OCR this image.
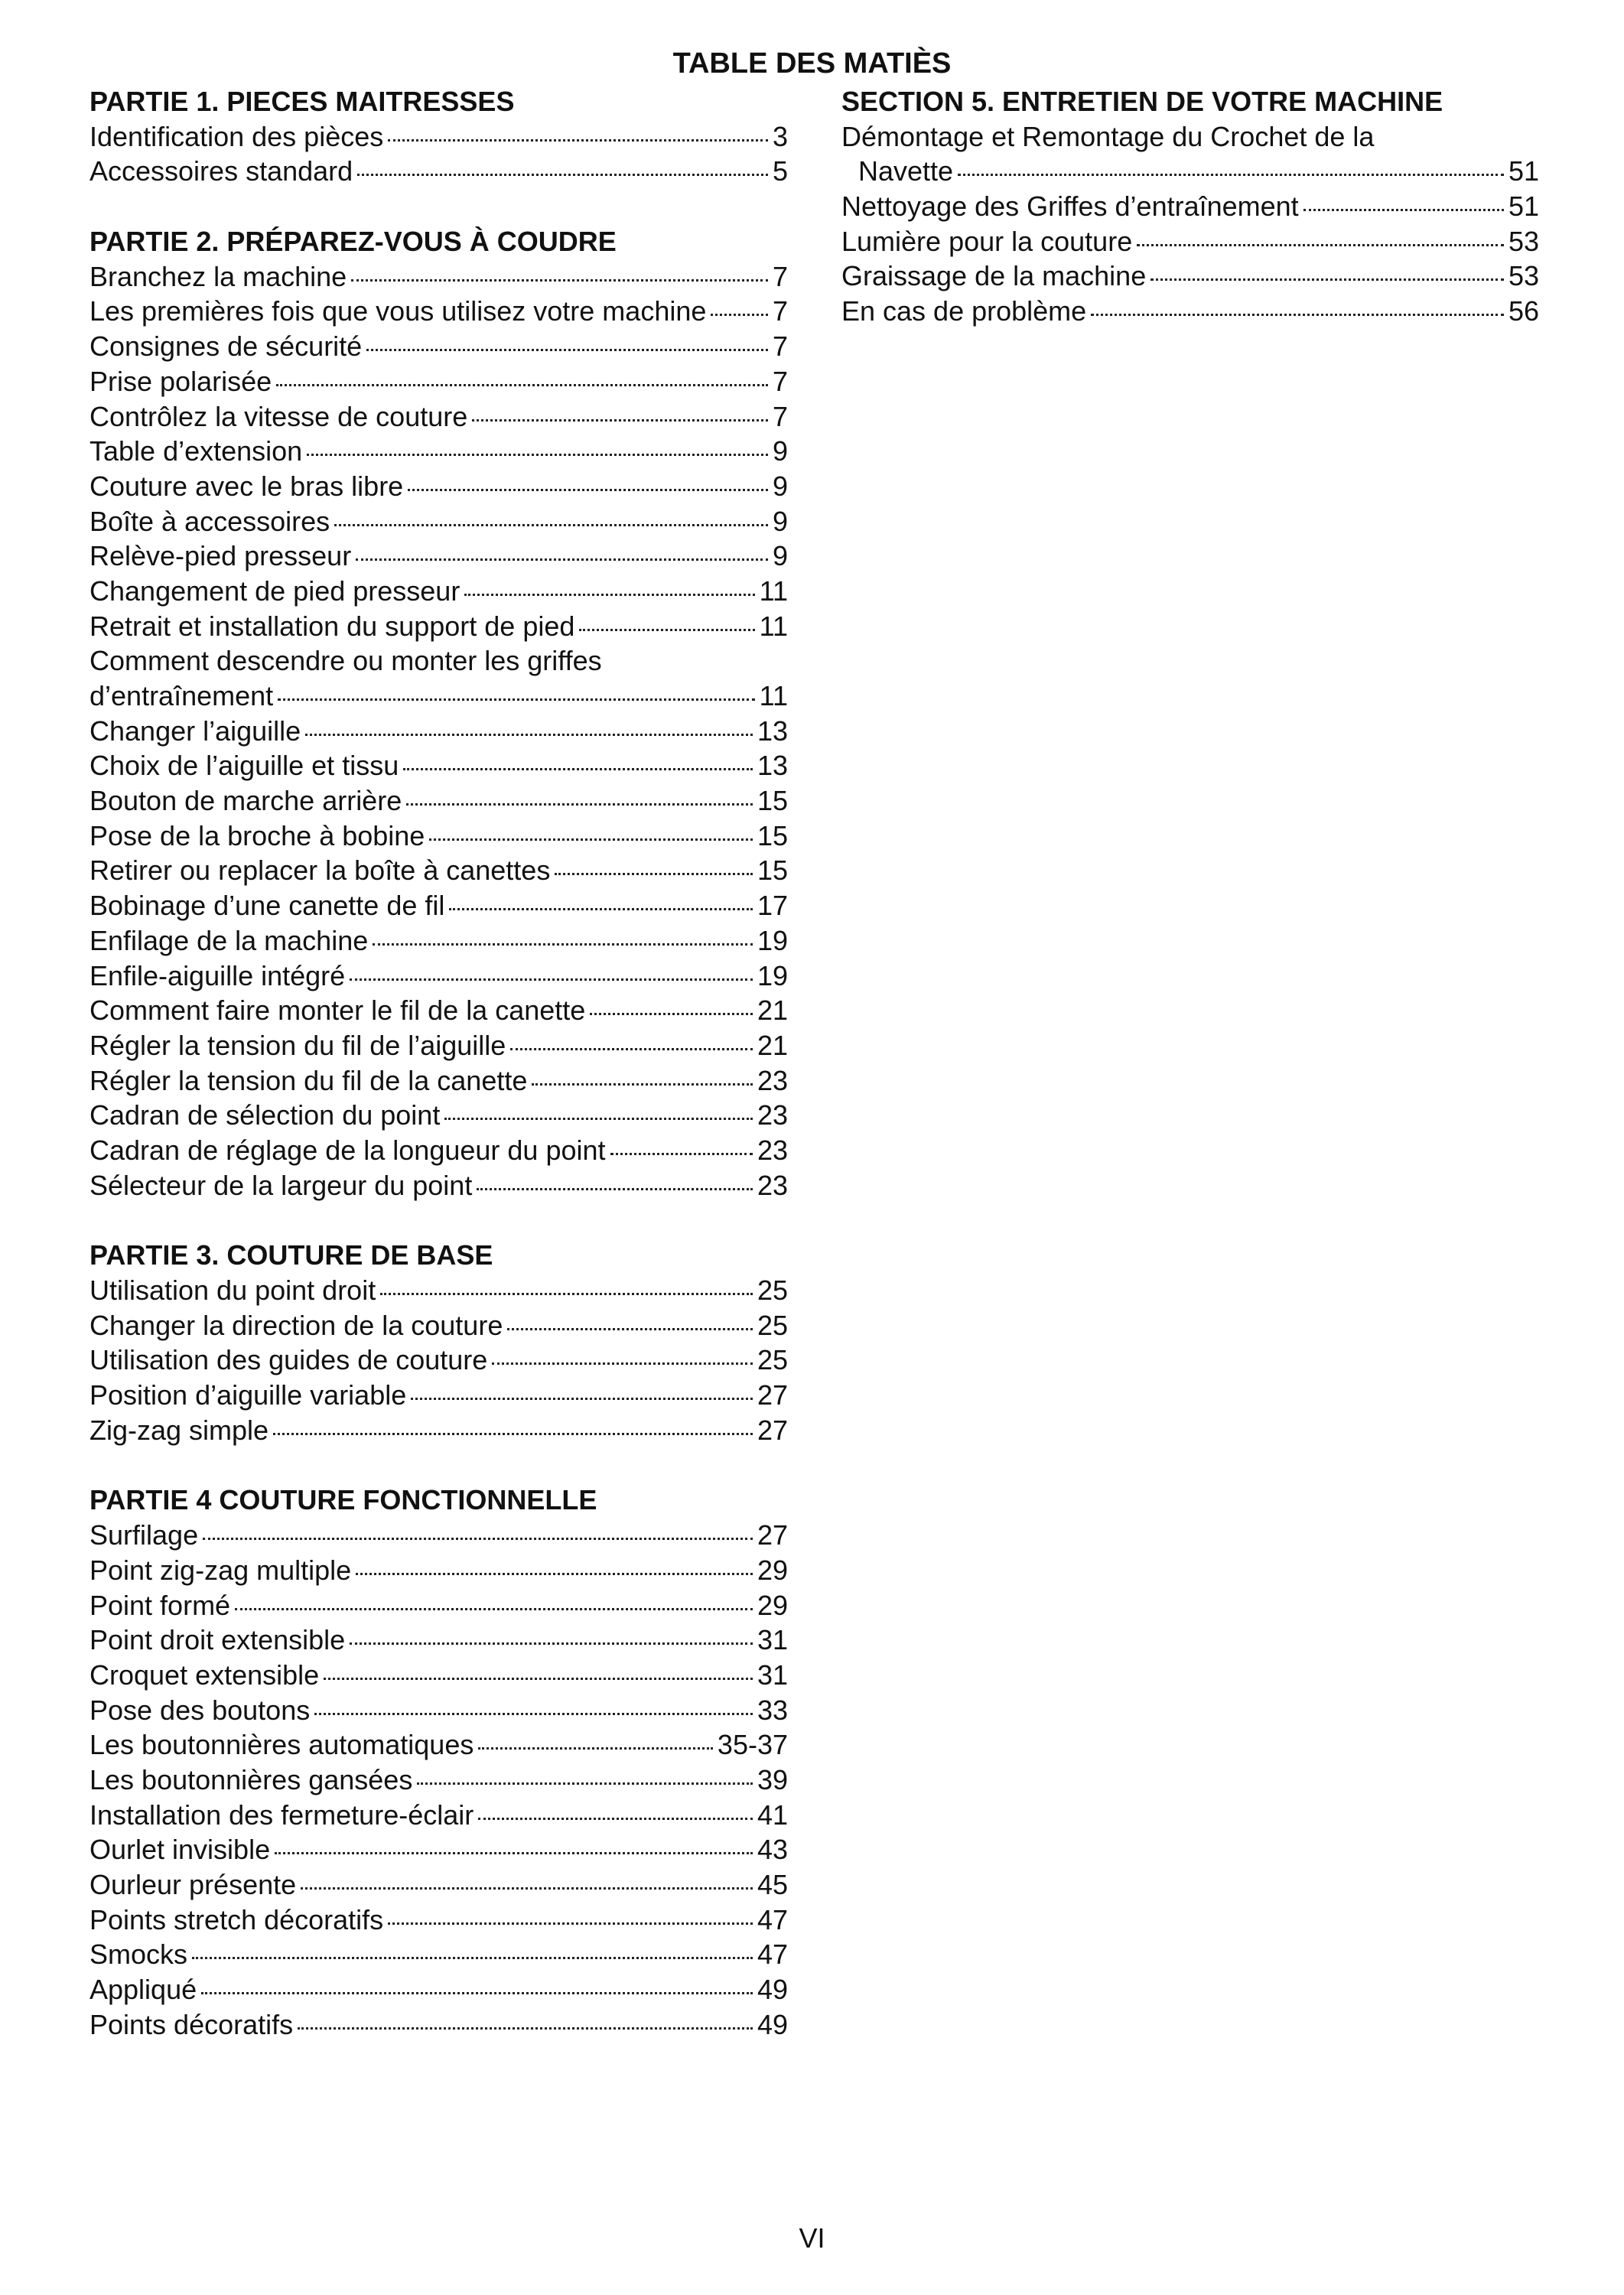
TABLE DES MATIÈS
PARTIE 1. PIECES MAITRESSES
Identification des pièces	3
Accessoires standard	5
PARTIE 2. PRÉPAREZ-VOUS À COUDRE
Branchez la machine	7
Les premières fois que vous utilisez votre machine 7
Consignes de sécurité	7
Prise polarisée	7
Contrôlez la vitesse de couture	7
Table d’extension	9
Couture avec le bras libre	9
Boîte à accessoires	9
Relève-pied presseur	9
Changement de pied presseur	11
Retrait et installation du support de pied	11
Comment descendre ou monter les griffes
d’entraînement	11
Changer l’aiguille	13
Choix de l’aiguille et tissu	13
Bouton de marche arrière	15
Pose de la broche à bobine	15
Retirer ou replacer la boîte à canettes	15
Bobinage d’une canette de fil	17
Enfilage de la machine	19
Enfile-aiguille intégré	19
Comment faire monter le fil de la canette	21
Régler la tension du fil de l’aiguille	21
Régler la tension du fil de la canette	23
Cadran de sélection du point	23
Cadran de réglage de la longueur du point	23
Sélecteur de la largeur du point	23
PARTIE 3. COUTURE DE BASE
Utilisation du point droit	25
Changer la direction de la couture	25
Utilisation des guides de couture	25
Position d’aiguille variable	27
Zig-zag simple	27
PARTIE 4 COUTURE FONCTIONNELLE
Surfilage	27
Point zig-zag multiple	29
Point formé	29
Point droit extensible	31
Croquet extensible	31
Pose des boutons	33
Les boutonnières automatiques	35-37
Les boutonnières gansées	39
Installation des fermeture-éclair	41
Ourlet invisible	43
Ourleur présente	45
Points stretch décoratifs	47
Smocks	47
Appliqué	49
Points décoratifs	49
SECTION 5. ENTRETIEN DE VOTRE MACHINE
Démontage et Remontage du Crochet de la
Navette	51
Nettoyage des Griffes d’entraînement	51
Lumière pour la couture	53
Graissage de la machine	53
En cas de problème	56
VI
